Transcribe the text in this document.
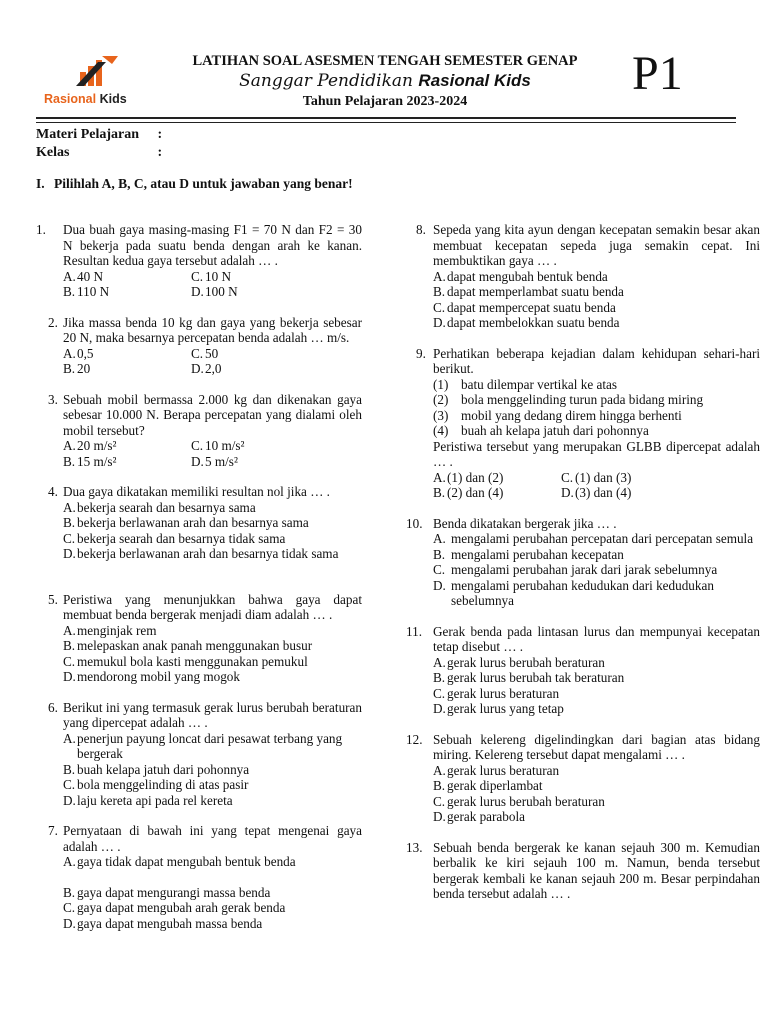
Rasional Kids
LATIHAN SOAL ASESMEN TENGAH SEMESTER GENAP
Sanggar Pendidikan Rasional Kids
Tahun Pelajaran 2023-2024
P1
Materi Pelajaran :
Kelas	:
I. Pilihlah A, B, C, atau D untuk jawaban yang benar!
1.	Dua buah gaya masing-masing F1 = 70 N dan F2 = 30 N bekerja pada suatu benda dengan arah ke kanan. Resultan kedua gaya tersebut adalah … .
A. 40 N	C. 10 N
B. 110 N	D. 100 N
2. Jika massa benda 10 kg dan gaya yang bekerja sebesar 20 N, maka besarnya percepatan benda adalah … m/s.
A. 0,5	C. 50
B. 20	D. 2,0
3. Sebuah mobil bermassa 2.000 kg dan dikenakan gaya sebesar 10.000 N. Berapa percepatan yang dialami oleh mobil tersebut?
A. 20 m/s²	C. 10 m/s²
B. 15 m/s²	D. 5 m/s²
4. Dua gaya dikatakan memiliki resultan nol jika … .
A. bekerja searah dan besarnya sama
B. bekerja berlawanan arah dan besarnya sama
C. bekerja searah dan besarnya tidak sama
D. bekerja berlawanan arah dan besarnya tidak sama
5. Peristiwa yang menunjukkan bahwa gaya dapat membuat benda bergerak menjadi diam adalah … .
A. menginjak rem
B. melepaskan anak panah menggunakan busur
C. memukul bola kasti menggunakan pemukul
D. mendorong mobil yang mogok
6. Berikut ini yang termasuk gerak lurus berubah beraturan yang dipercepat adalah … .
A. penerjun payung loncat dari pesawat terbang yang bergerak
B. buah kelapa jatuh dari pohonnya
C. bola menggelinding di atas pasir
D. laju kereta api pada rel kereta
7. Pernyataan di bawah ini yang tepat mengenai gaya adalah … .
A. gaya tidak dapat mengubah bentuk benda
B. gaya dapat mengurangi massa benda
C. gaya dapat mengubah arah gerak benda
D. gaya dapat mengubah massa benda
8. Sepeda yang kita ayun dengan kecepatan semakin besar akan membuat kecepatan sepeda juga semakin cepat. Ini membuktikan gaya … .
A. dapat mengubah bentuk benda
B. dapat memperlambat suatu benda
C. dapat mempercepat suatu benda
D. dapat membelokkan suatu benda
9. Perhatikan beberapa kejadian dalam kehidupan sehari-hari berikut.
(1) batu dilempar vertikal ke atas
(2) bola menggelinding turun pada bidang miring
(3) mobil yang dedang direm hingga berhenti
(4) buah ah kelapa jatuh dari pohonnya
Peristiwa tersebut yang merupakan GLBB dipercepat adalah … .
A. (1) dan (2)	C. (1) dan (3)
B. (2) dan (4)	D. (3) dan (4)
10. Benda dikatakan bergerak jika … .
A. mengalami perubahan percepatan dari percepatan semula
B. mengalami perubahan kecepatan
C. mengalami perubahan jarak dari jarak sebelumnya
D. mengalami perubahan kedudukan dari kedudukan sebelumnya
11. Gerak benda pada lintasan lurus dan mempunyai kecepatan tetap disebut … .
A. gerak lurus berubah beraturan
B. gerak lurus berubah tak beraturan
C. gerak lurus beraturan
D. gerak lurus yang tetap
12. Sebuah kelereng digelindingkan dari bagian atas bidang miring. Kelereng tersebut dapat mengalami … .
A. gerak lurus beraturan
B. gerak diperlambat
C. gerak lurus berubah beraturan
D. gerak parabola
13. Sebuah benda bergerak ke kanan sejauh 300 m. Kemudian berbalik ke kiri sejauh 100 m. Namun, benda tersebut bergerak kembali ke kanan sejauh 200 m. Besar perpindahan benda tersebut adalah … .
